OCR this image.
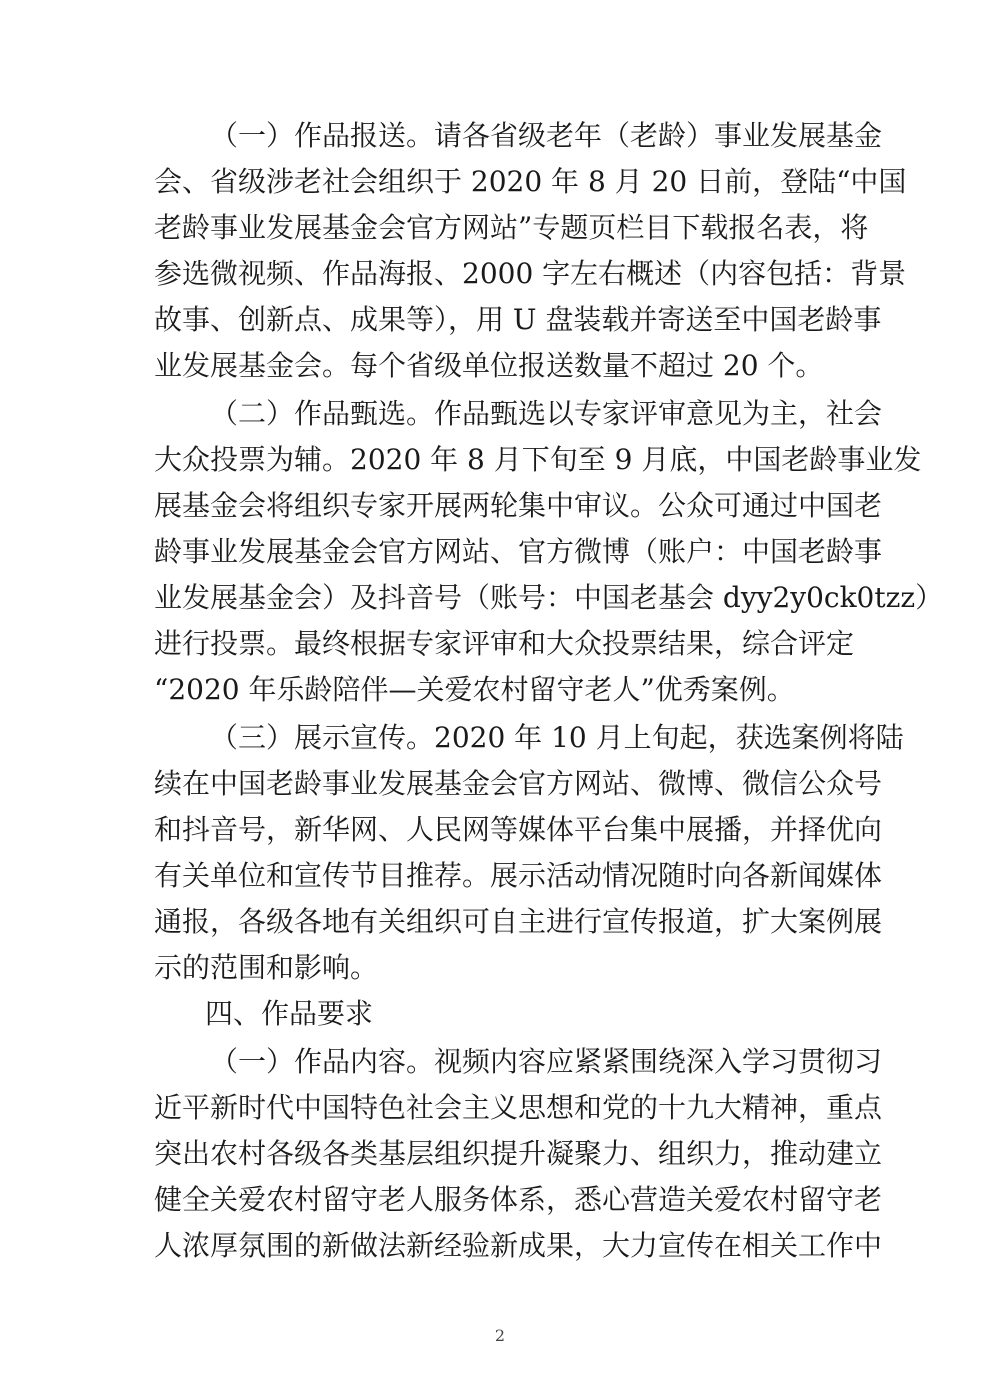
（一）作品报送。请各省级老年（老龄）事业发展基金
会、省级涉老社会组织于 2020 年 8 月 20 日前，登陆“中国
老龄事业发展基金会官方网站”专题页栏目下载报名表，将
参选微视频、作品海报、2000 字左右概述（内容包括：背景
故事、创新点、成果等），用 U 盘装载并寄送至中国老龄事
业发展基金会。每个省级单位报送数量不超过 20 个。
（二）作品甄选。作品甄选以专家评审意见为主，社会
大众投票为辅。2020 年 8 月下旬至 9 月底，中国老龄事业发
展基金会将组织专家开展两轮集中审议。公众可通过中国老
龄事业发展基金会官方网站、官方微博（账户：中国老龄事
业发展基金会）及抖音号（账号：中国老基会 dyy2y0ck0tzz）
进行投票。最终根据专家评审和大众投票结果，综合评定
“2020 年乐龄陪伴—关爱农村留守老人”优秀案例。
（三）展示宣传。2020 年 10 月上旬起，获选案例将陆
续在中国老龄事业发展基金会官方网站、微博、微信公众号
和抖音号，新华网、人民网等媒体平台集中展播，并择优向
有关单位和宣传节目推荐。展示活动情况随时向各新闻媒体
通报，各级各地有关组织可自主进行宣传报道，扩大案例展
示的范围和影响。
四、作品要求
（一）作品内容。视频内容应紧紧围绕深入学习贯彻习
近平新时代中国特色社会主义思想和党的十九大精神，重点
突出农村各级各类基层组织提升凝聚力、组织力，推动建立
健全关爱农村留守老人服务体系，悉心营造关爱农村留守老
人浓厚氛围的新做法新经验新成果，大力宣传在相关工作中
2
